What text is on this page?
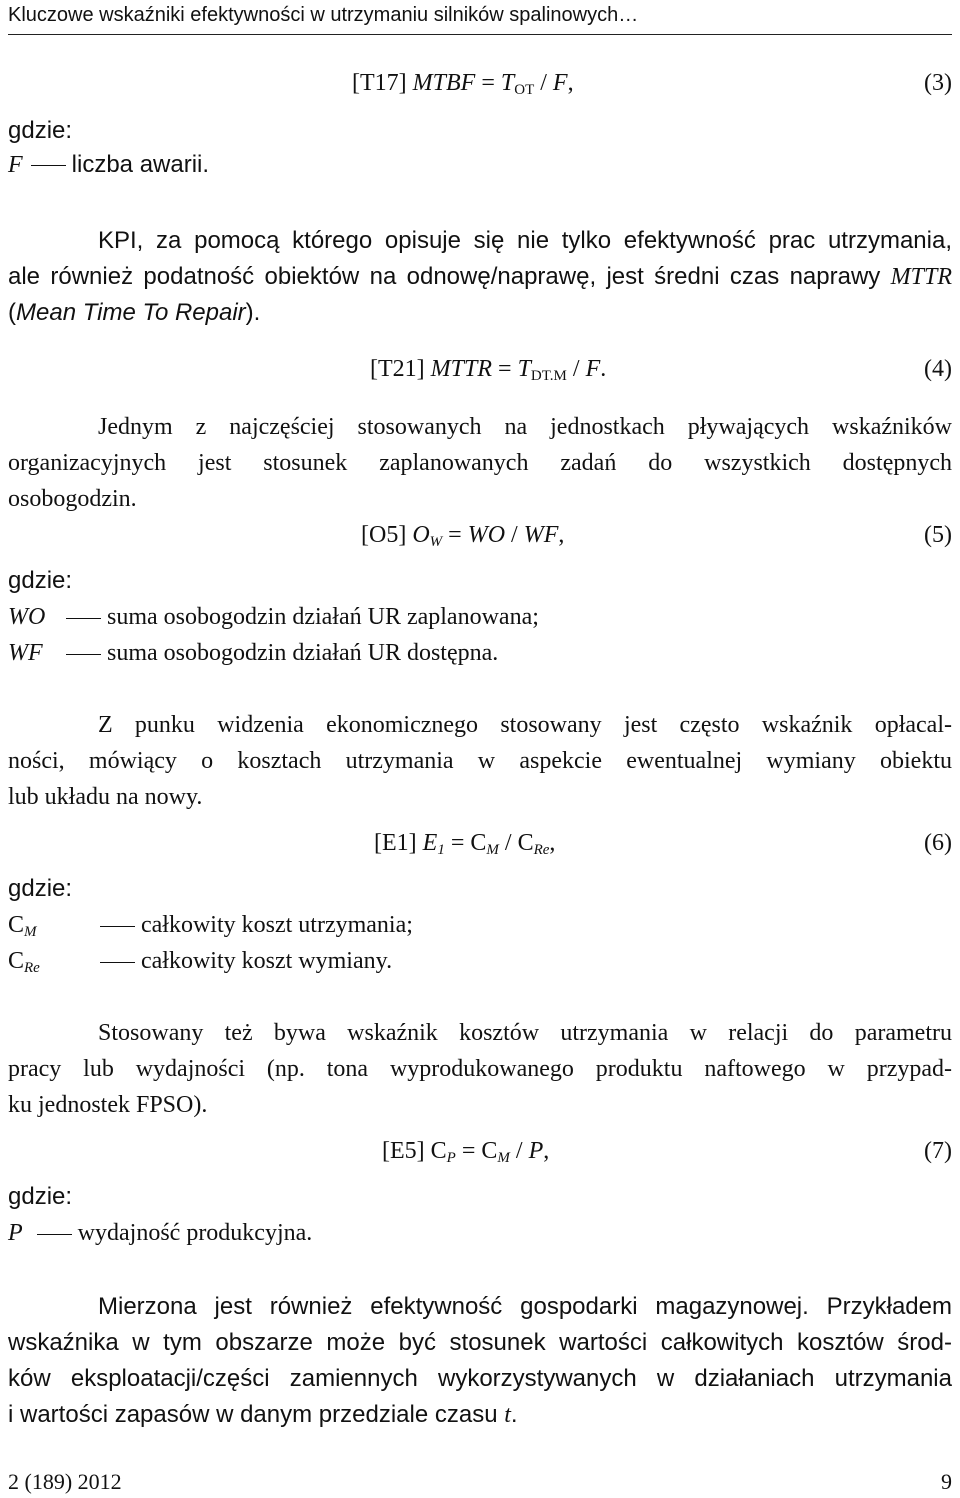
Kluczowe wskaźniki efektywności w utrzymaniu silników spalinowych…
[T17] MTBF = $T_{OT}$ / F,	(3)
gdzie:
F liczba awarii.
KPI, za pomocą którego opisuje się nie tylko efektywność prac utrzymania,
ale również podatność obiektów na odnowę/naprawę, jest średni czas naprawy MTTR
(Mean Time To Repair).
[T21] MTTR = $T_{DT.M}$ / F.	(4)
Jednym z najczęściej stosowanych na jednostkach pływających wskaźników
organizacyjnych jest stosunek zaplanowanych zadań do wszystkich dostępnych
osobogodzin.
[O5] $O_W$ = WO / WF,	(5)
gdzie:
WO	suma osobogodzin działań UR zaplanowana;
WF	suma osobogodzin działań UR dostępna.
Z punku widzenia ekonomicznego stosowany jest często wskaźnik opłacal-
ności, mówiący o kosztach utrzymania w aspekcie ewentualnej wymiany obiektu
lub układu na nowy.
[E1] $E_1 = C_M / C_{Re}$,	(6)
gdzie:
$C_M$	całkowity koszt utrzymania;
$C_{Re}$	całkowity koszt wymiany.
Stosowany też bywa wskaźnik kosztów utrzymania w relacji do parametru
pracy lub wydajności (np. tona wyprodukowanego produktu naftowego w przypad-
ku jednostek FPSO).
[E5] $C_P = C_M / P$,	(7)
gdzie:
P wydajność produkcyjna.
Mierzona jest również efektywność gospodarki magazynowej. Przykładem
wskaźnika w tym obszarze może być stosunek wartości całkowitych kosztów środ-
ków eksploatacji/części zamiennych wykorzystywanych w działaniach utrzymania
i wartości zapasów w danym przedziale czasu t.
2 (189) 2012	9
